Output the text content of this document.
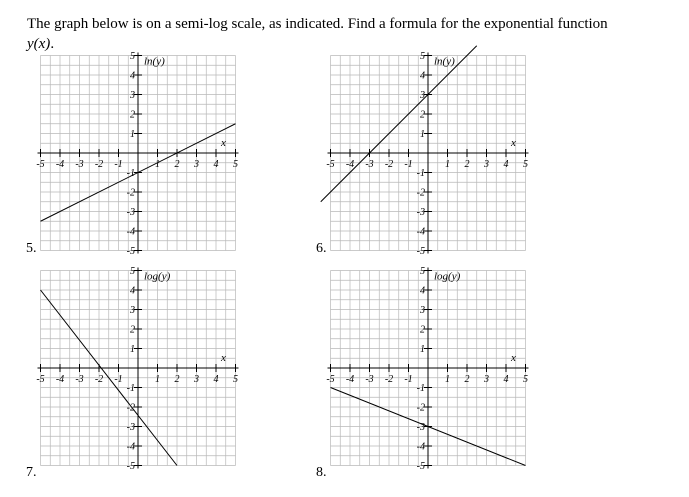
The graph below is on a semi-log scale, as indicated. Find a formula for the exponential function
y(x).
-5 -4 -3 -2 -1	1 2 3 4 5
5
4
3
2
1
-1
-2
-3
-4
-5
ln(y)
x
-5 -4 -3 -2 -1	1 2 3 4 5
5
4
3
2
1
-1
-2
-3
-4
-5
ln(y)
x
-5 -4 -3 -2 -1	1 2 3 4 5
5
4
3
2
1
-1
-2
-3
-4
-5
log(y)
x
-5 -4 -3 -2 -1	1 2 3 4 5
5
4
3
2
1
-1
-2
-3
-4
-5
log(y)
x
5.	6.
7.	8.
